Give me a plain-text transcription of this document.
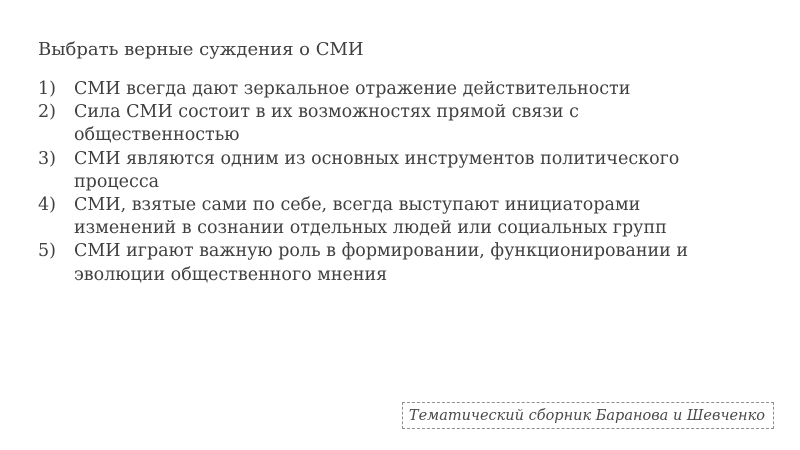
Выбрать верные суждения о СМИ
1)	СМИ всегда дают зеркальное отражение действительности
2)	Сила СМИ состоит в их возможностях прямой связи с общественностью
3)	СМИ являются одним из основных инструментов политического процесса
4)	СМИ, взятые сами по себе, всегда выступают инициаторами изменений в сознании отдельных людей или социальных групп
5)	СМИ играют важную роль в формировании, функционировании и эволюции общественного мнения
Тематический сборник Баранова и Шевченко
